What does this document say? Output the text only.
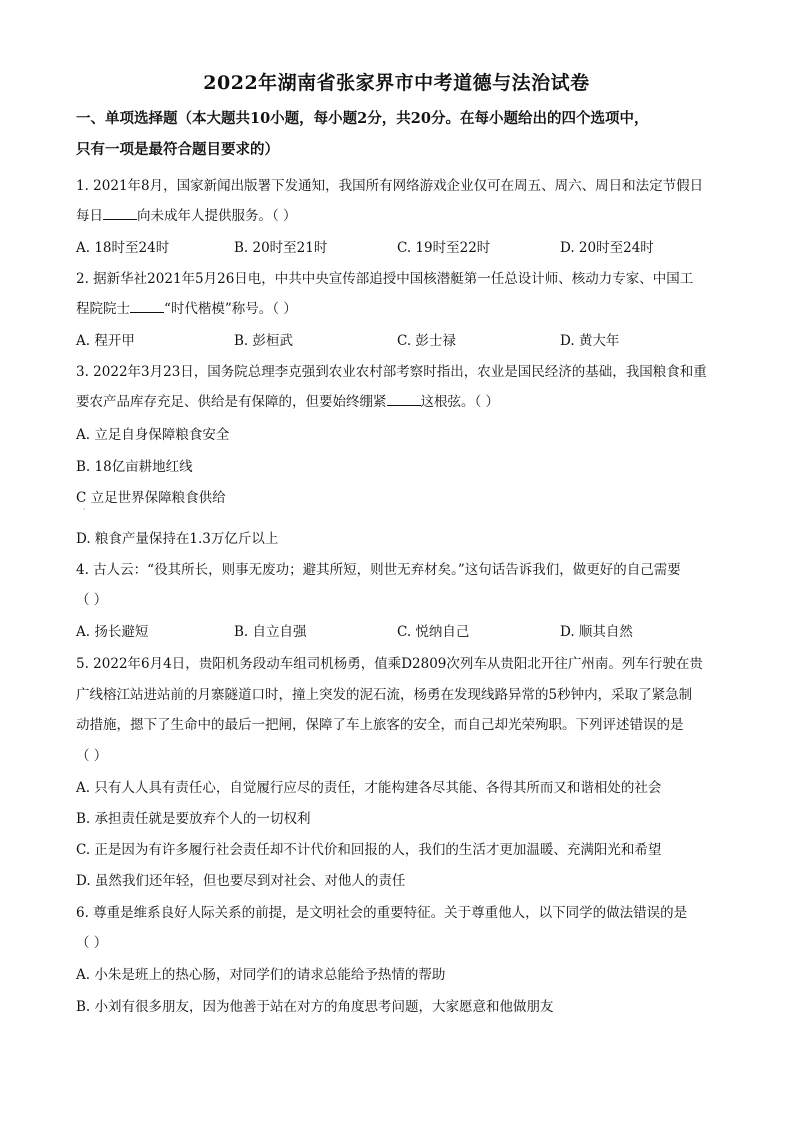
2022年湖南省张家界市中考道德与法治试卷
一、单项选择题（本大题共10小题，每小题2分，共20分。在每小题给出的四个选项中，
只有一项是最符合题目要求的）
1. 2021年8月，国家新闻出版署下发通知，我国所有网络游戏企业仅可在周五、周六、周日和法定节假日
每日	向未成年人提供服务。（ ）
A. 18时至24时	B. 20时至21时	C. 19时至22时	D. 20时至24时
2. 据新华社2021年5月26日电，中共中央宣传部追授中国核潜艇第一任总设计师、核动力专家、中国工
程院院士	“时代楷模”称号。（ ）
A. 程开甲	B. 彭桓武	C. 彭士禄	D. 黄大年
3. 2022年3月23日，国务院总理李克强到农业农村部考察时指出，农业是国民经济的基础，我国粮食和重
要农产品库存充足、供给是有保障的，但要始终绷紧	这根弦。（ ）
A. 立足自身保障粮食安全
B. 18亿亩耕地红线
C 立足世界保障粮食供给
·
D. 粮食产量保持在1.3万亿斤以上
4. 古人云：“役其所长，则事无废功；避其所短，则世无弃材矣。”这句话告诉我们，做更好的自己需要
（ ）
A. 扬长避短	B. 自立自强	C. 悦纳自己	D. 顺其自然
5. 2022年6月4日，贵阳机务段动车组司机杨勇，值乘D2809次列车从贵阳北开往广州南。列车行驶在贵
广线榕江站进站前的月寨隧道口时，撞上突发的泥石流，杨勇在发现线路异常的5秒钟内，采取了紧急制
动措施，摁下了生命中的最后一把闸，保障了车上旅客的安全，而自己却光荣殉职。下列评述错误的是
（ ）
A. 只有人人具有责任心，自觉履行应尽的责任，才能构建各尽其能、各得其所而又和谐相处的社会
B. 承担责任就是要放弃个人的一切权利
C. 正是因为有许多履行社会责任却不计代价和回报的人，我们的生活才更加温暖、充满阳光和希望
D. 虽然我们还年轻，但也要尽到对社会、对他人的责任
6. 尊重是维系良好人际关系的前提，是文明社会的重要特征。关于尊重他人，以下同学的做法错误的是
（ ）
A. 小朱是班上的热心肠，对同学们的请求总能给予热情的帮助
B. 小刘有很多朋友，因为他善于站在对方的角度思考问题，大家愿意和他做朋友
